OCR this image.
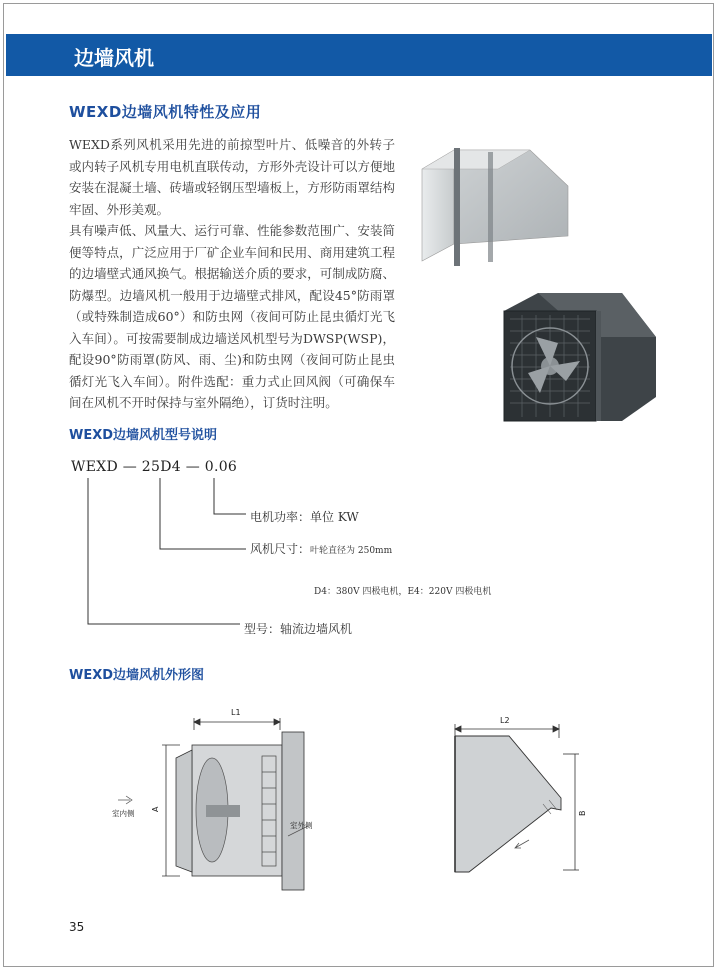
边墙风机
WEXD边墙风机特性及应用
WEXD系列风机采用先进的前掠型叶片、低噪音的外转子或内转子风机专用电机直联传动，方形外壳设计可以方便地安装在混凝土墙、砖墙或轻钢压型墙板上，方形防雨罩结构牢固、外形美观。
具有噪声低、风量大、运行可靠、性能参数范围广、安装简便等特点，广泛应用于厂矿企业车间和民用、商用建筑工程的边墙壁式通风换气。根据输送介质的要求，可制成防腐、防爆型。边墙风机一般用于边墙壁式排风，配设45°防雨罩（或特殊制造成60°）和防虫网（夜间可防止昆虫循灯光飞入车间）。可按需要制成边墙送风机型号为DWSP(WSP)，配设90°防雨罩(防风、雨、尘)和防虫网（夜间可防止昆虫循灯光飞入车间）。附件选配：重力式止回风阀（可确保车间在风机不开时保持与室外隔绝），订货时注明。
WEXD边墙风机型号说明
WEXD — 25D4 — 0.06
电机功率：单位 KW
风机尺寸：叶轮直径为 250mm
D4：380V 四极电机，E4：220V 四极电机
型号：轴流边墙风机
WEXD边墙风机外形图
A
L1
室内侧
室外侧
L2
B
35
